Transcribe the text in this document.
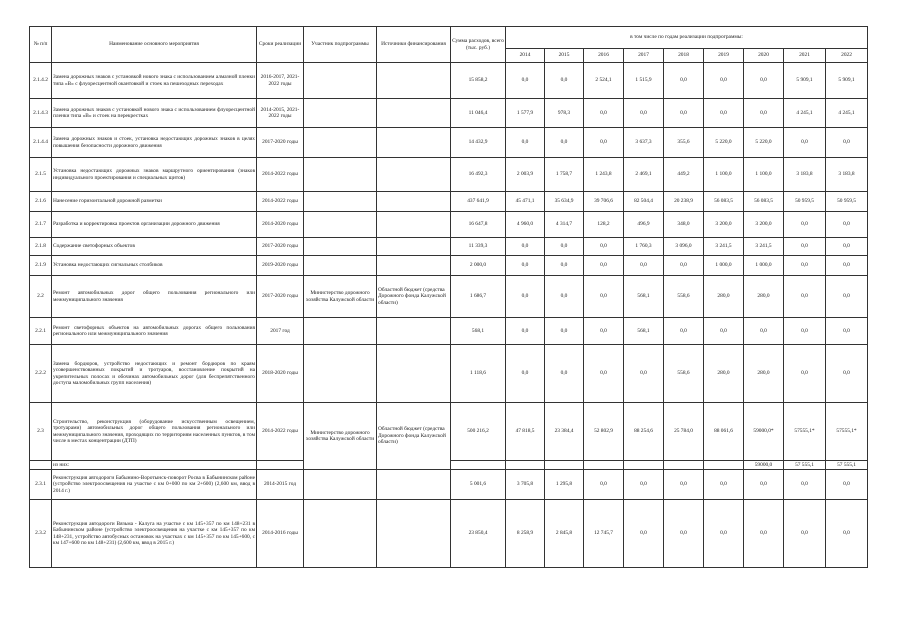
№ п/п	Наименование основного мероприятия	Сроки реализации	Участник подпрограммы	Источники финансирования	Сумма расходов, всего (тыс. руб.)	в том числе по годам реализации подпрограммы:								
						2014	2015	2016	2017	2018	2019	2020	2021	2022
2.1.4.2	Замена дорожных знаков с установкой нового знака с использованием алмазной пленки типа «В» с флуоресцентной окантовкой и стоек на пешеходных переходах	2016-2017, 2021-2022 годы			15 858,2	0,0	0,0	2 524,1	1 515,9	0,0	0,0	0,0	5 909,1	5 909,1
2.1.4.3	Замена дорожных знаков с установкой нового знака с использованием флуоресцентной пленки типа «В» и стоек на перекрестках	2014-2015, 2021-2022 годы			11 046,4	1 577,9	978,3	0,0	0,0	0,0	0,0	0,0	4 245,1	4 245,1
2.1.4.4	Замена дорожных знаков и стоек, установка недостающих дорожных знаков в целях повышения безопасности дорожного движения	2017-2020 годы			14 432,9	0,0	0,0	0,0	3 637,3	355,6	5 220,0	5 220,0	0,0	0,0
2.1.5	Установка недостающих дорожных знаков маршрутного ориентирования (знаков индивидуального проектирования и специальных щитов)	2014-2022 годы			16 492,3	2 003,9	1 758,7	1 243,8	2 469,1	449,2	1 100,0	1 100,0	3 183,8	3 183,8
2.1.6	Нанесение горизонтальной дорожной разметки	2014-2022 годы			437 641,9	45 471,1	35 634,9	39 706,6	82 504,4	20 238,9	56 083,5	56 083,5	50 959,5	50 959,5
2.1.7	Разработка и корректировка проектов организации дорожного движения	2014-2020 годы			16 647,8	4 960,0	4 314,7	128,2	496,9	348,0	3 200,0	3 200,0	0,0	0,0
2.1.8	Содержание светофорных объектов	2017-2020 годы			11 339,3	0,0	0,0	0,0	1 760,3	3 096,0	3 241,5	3 241,5	0,0	0,0
2.1.9	Установка недостающих сигнальных столбиков	2019-2020 годы			2 000,0	0,0	0,0	0,0	0,0	0,0	1 000,0	1 000,0	0,0	0,0
2.2	Ремонт автомобильных дорог общего пользования регионального или межмуниципального значения	2017-2020 годы	Министерство дорожного хозяйства Калужской области	Областной бюджет (средства Дорожного фонда Калужской области)	1 686,7	0,0	0,0	0,0	568,1	558,6	280,0	280,0	0,0	0,0
2.2.1	Ремонт светофорных объектов на автомобильных дорогах общего пользования регионального или межмуниципального значения	2017 год			568,1	0,0	0,0	0,0	568,1	0,0	0,0	0,0	0,0	0,0
2.2.2	Замена бордюров, устройство недостающих и ремонт бордюров по краям усовершенствованных покрытий и тротуаров, восстановление покрытий на укрепительных полосах и обочинах автомобильных дорог (для беспрепятственного доступа маломобильных групп населения)	2018-2020 годы			1 118,6	0,0	0,0	0,0	0,0	558,6	280,0	280,0	0,0	0,0
2.3	Строительство, реконструкция (оборудование искусственным освещением, тротуарами) автомобильных дорог общего пользования регионального или межмуниципального значения, проходящих по территориям населенных пунктов, в том числе в местах концентрации (ДТП)	2014-2022 годы	Министерство дорожного хозяйства Калужской области	Областной бюджет (средства Дорожного фонда Калужской области)	500 216,2	47 818,5	23 384,4	52 802,9	88 254,6	25 784,0	88 061,6	59000,0*	57555,1*	57555,1*
	из них:											59000,0	57 555,1	57 555,1
2.3.1	Реконструкция автодороги Бабынино-Воротынск-поворот Росва в Бабынинском районе (устройство электроосвещения на участке с км 0+000 по км 2+600) (2,600 км, ввод в 2014 г.)	2014-2015 год			5 001,6	3 705,8	1 295,8	0,0	0,0	0,0	0,0	0,0	0,0	0,0
2.3.2	Реконструкция автодороги Вязьма - Калуга на участке с км 145+357 по км 148+231 в Бабынинском районе (устройство электроосвещения на участке с км 145+357 по км 148+231, устройство автобусных остановок на участках с км 145+357 по км 145+600, с км 147+600 по км 148+231) (2,600 км, ввод в 2015 г.)	2014-2016 годы			23 850,4	8 258,9	2 845,8	12 745,7	0,0	0,0	0,0	0,0	0,0	0,0
